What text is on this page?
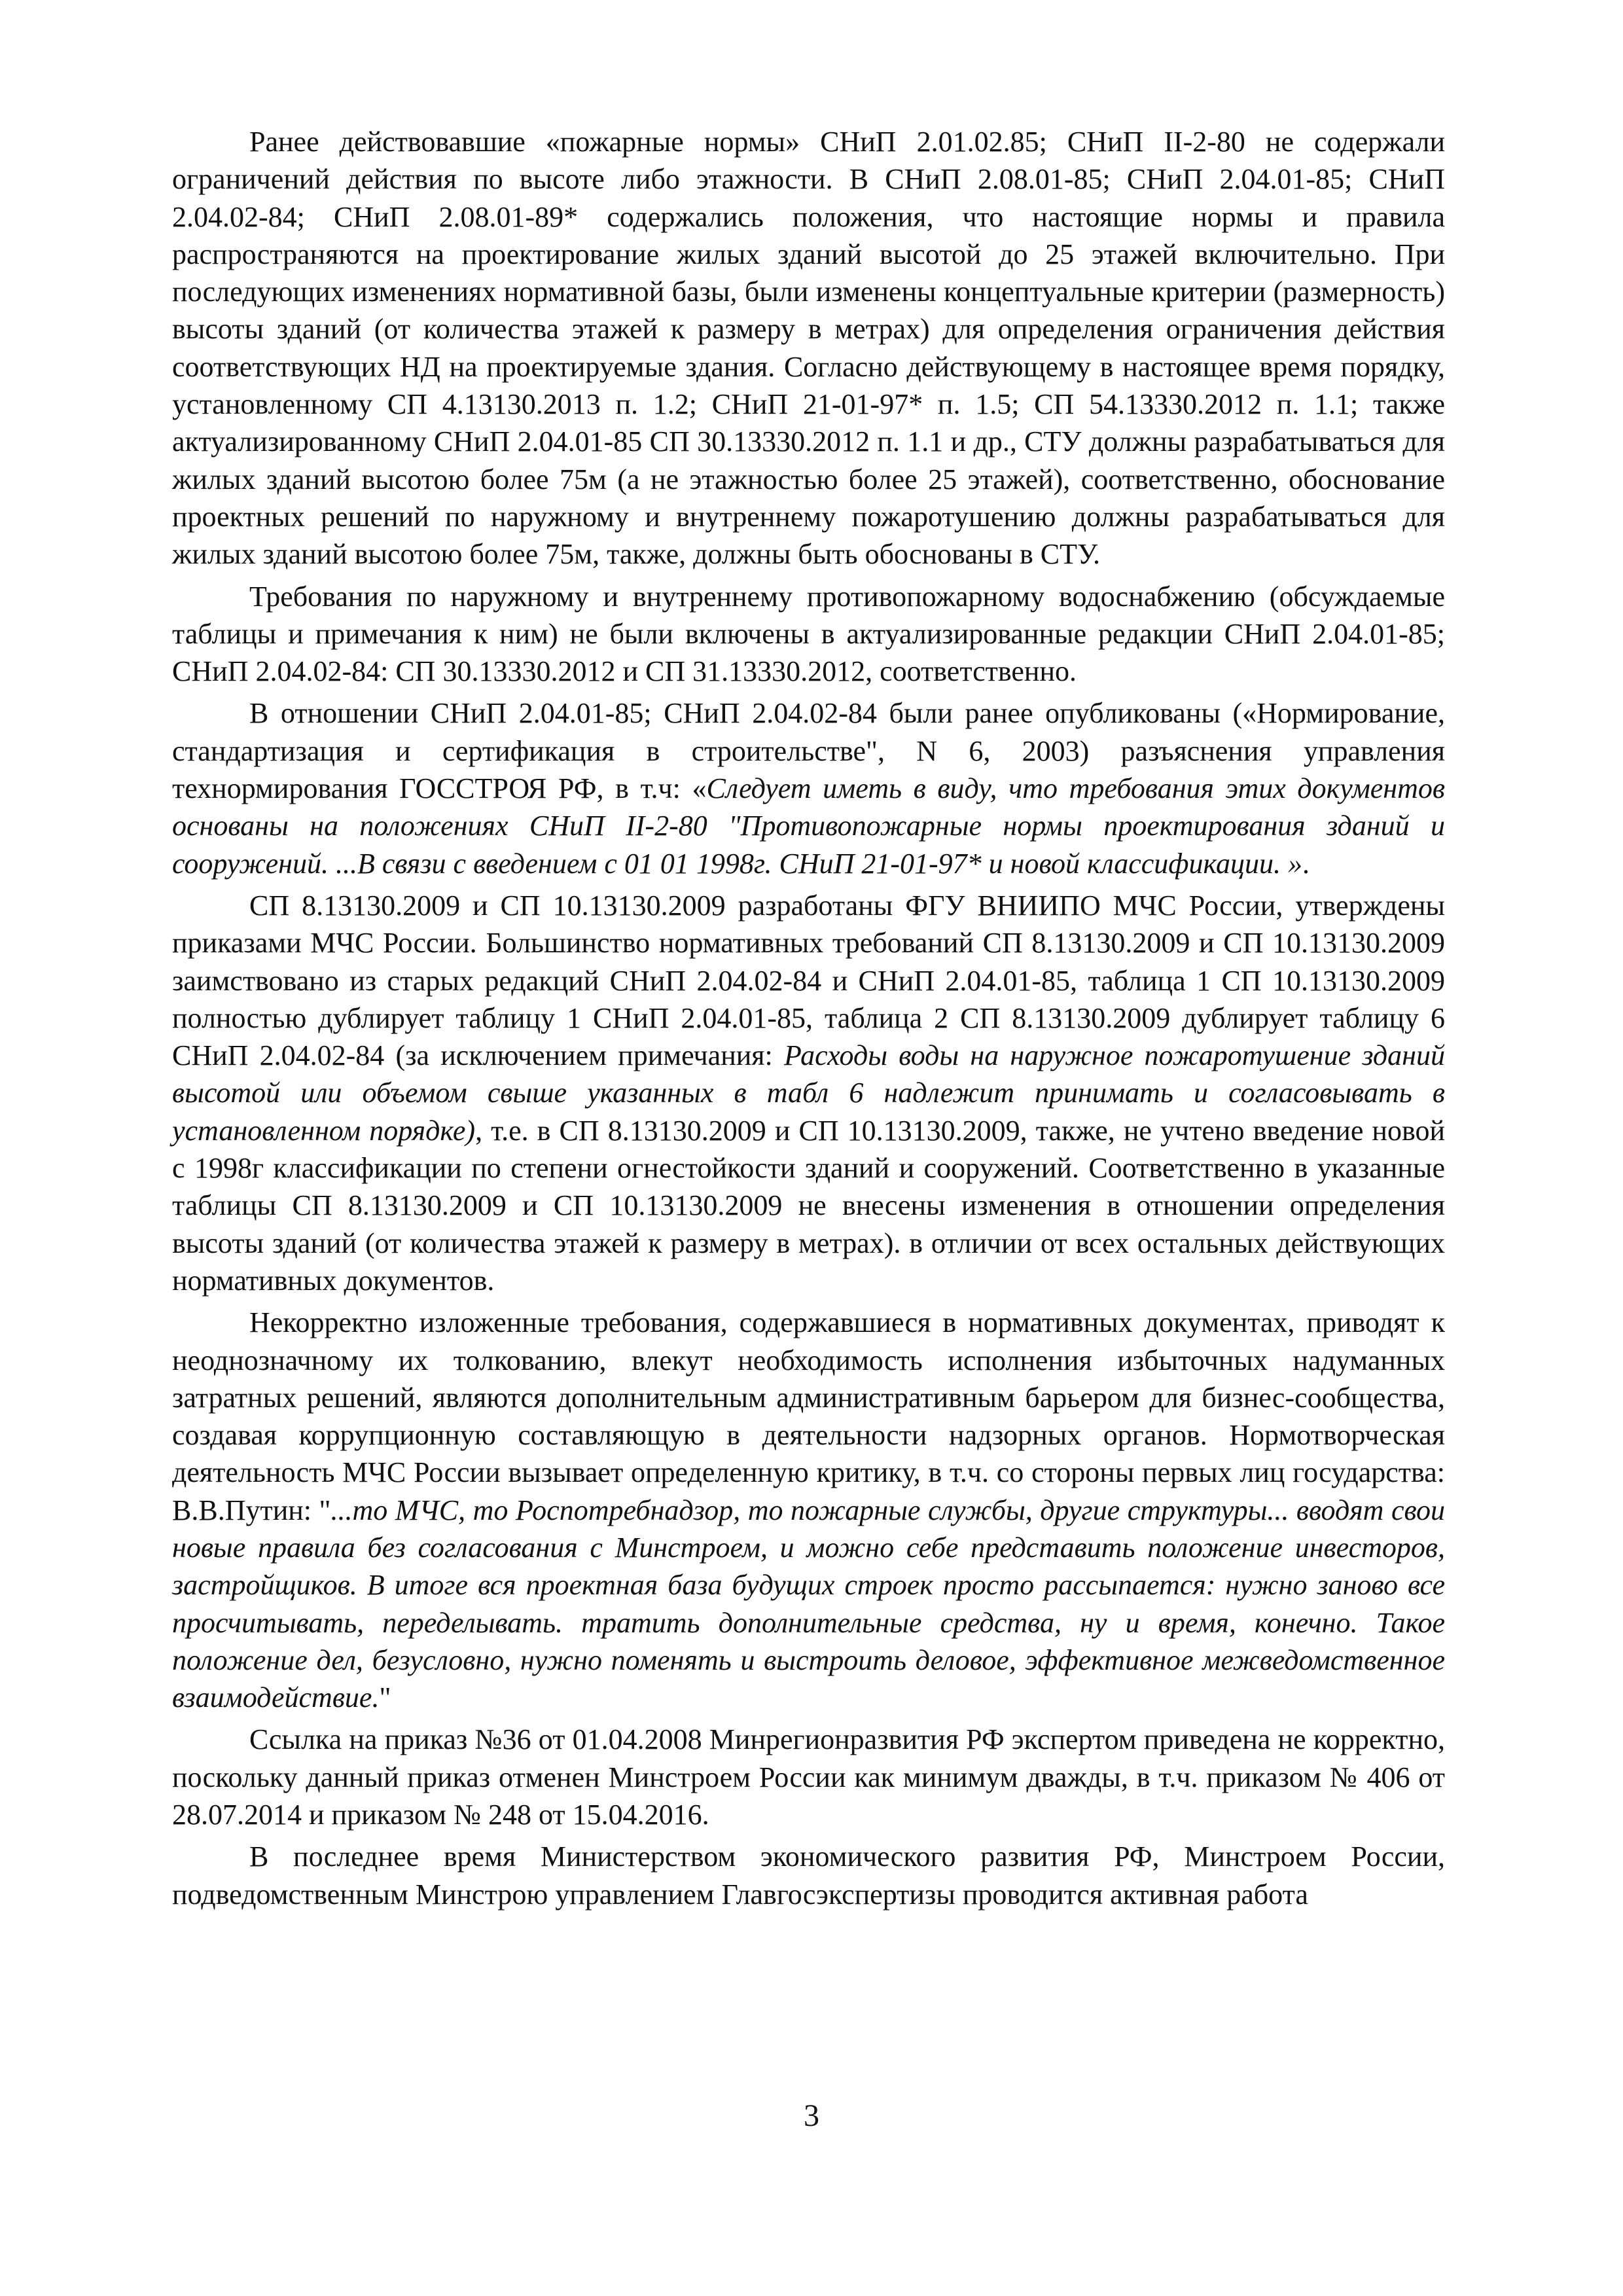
Ранее действовавшие «пожарные нормы» СНиП 2.01.02.85; СНиП II-2-80 не содержали ограничений действия по высоте либо этажности. В СНиП 2.08.01-85; СНиП 2.04.01-85; СНиП 2.04.02-84; СНиП 2.08.01-89* содержались положения, что настоящие нормы и правила распространяются на проектирование жилых зданий высотой до 25 этажей включительно. При последующих изменениях нормативной базы, были изменены концептуальные критерии (размерность) высоты зданий (от количества этажей к размеру в метрах) для определения ограничения действия соответствующих НД на проектируемые здания. Согласно действующему в настоящее время порядку, установленному СП 4.13130.2013 п. 1.2; СНиП 21-01-97* п. 1.5; СП 54.13330.2012 п. 1.1; также актуализированному СНиП 2.04.01-85 СП 30.13330.2012 п. 1.1 и др., СТУ должны разрабатываться для жилых зданий высотою более 75м (а не этажностью более 25 этажей), соответственно, обоснование проектных решений по наружному и внутреннему пожаротушению должны разрабатываться для жилых зданий высотою более 75м, также, должны быть обоснованы в СТУ.

Требования по наружному и внутреннему противопожарному водоснабжению (обсуждаемые таблицы и примечания к ним) не были включены в актуализированные редакции СНиП 2.04.01-85; СНиП 2.04.02-84: СП 30.13330.2012 и СП 31.13330.2012, соответственно.

В отношении СНиП 2.04.01-85; СНиП 2.04.02-84 были ранее опубликованы («Нормирование, стандартизация и сертификация в строительстве", N 6, 2003) разъяснения управления технормирования ГОССТРОЯ РФ, в т.ч: «Следует иметь в виду, что требования этих документов основаны на положениях СНиП II-2-80 "Противопожарные нормы проектирования зданий и сооружений. ...В связи с введением с 01 01 1998г. СНиП 21-01-97* и новой классификации. ».

СП 8.13130.2009 и СП 10.13130.2009 разработаны ФГУ ВНИИПО МЧС России, утверждены приказами МЧС России. Большинство нормативных требований СП 8.13130.2009 и СП 10.13130.2009 заимствовано из старых редакций СНиП 2.04.02-84 и СНиП 2.04.01-85, таблица 1 СП 10.13130.2009 полностью дублирует таблицу 1 СНиП 2.04.01-85, таблица 2 СП 8.13130.2009 дублирует таблицу 6 СНиП 2.04.02-84 (за исключением примечания: Расходы воды на наружное пожаротушение зданий высотой или объемом свыше указанных в табл 6 надлежит принимать и согласовывать в установленном порядке), т.е. в СП 8.13130.2009 и СП 10.13130.2009, также, не учтено введение новой с 1998г классификации по степени огнестойкости зданий и сооружений. Соответственно в указанные таблицы СП 8.13130.2009 и СП 10.13130.2009 не внесены изменения в отношении определения высоты зданий (от количества этажей к размеру в метрах). в отличии от всех остальных действующих нормативных документов.

Некорректно изложенные требования, содержавшиеся в нормативных документах, приводят к неоднозначному их толкованию, влекут необходимость исполнения избыточных надуманных затратных решений, являются дополнительным административным барьером для бизнес-сообщества, создавая коррупционную составляющую в деятельности надзорных органов. Нормотворческая деятельность МЧС России вызывает определенную критику, в т.ч. со стороны первых лиц государства: В.В.Путин: "...то МЧС, то Роспотребнадзор, то пожарные службы, другие структуры... вводят свои новые правила без согласования с Минстроем, и можно себе представить положение инвесторов, застройщиков. В итоге вся проектная база будущих строек просто рассыпается: нужно заново все просчитывать, переделывать. тратить дополнительные средства, ну и время, конечно. Такое положение дел, безусловно, нужно поменять и выстроить деловое, эффективное межведомственное взаимодействие."

Ссылка на приказ №36 от 01.04.2008 Минрегионразвития РФ экспертом приведена не корректно, поскольку данный приказ отменен Минстроем России как минимум дважды, в т.ч. приказом № 406 от 28.07.2014 и приказом № 248 от 15.04.2016.

В последнее время Министерством экономического развития РФ, Минстроем России, подведомственным Минстрою управлением Главгосэкспертизы проводится активная работа

3
